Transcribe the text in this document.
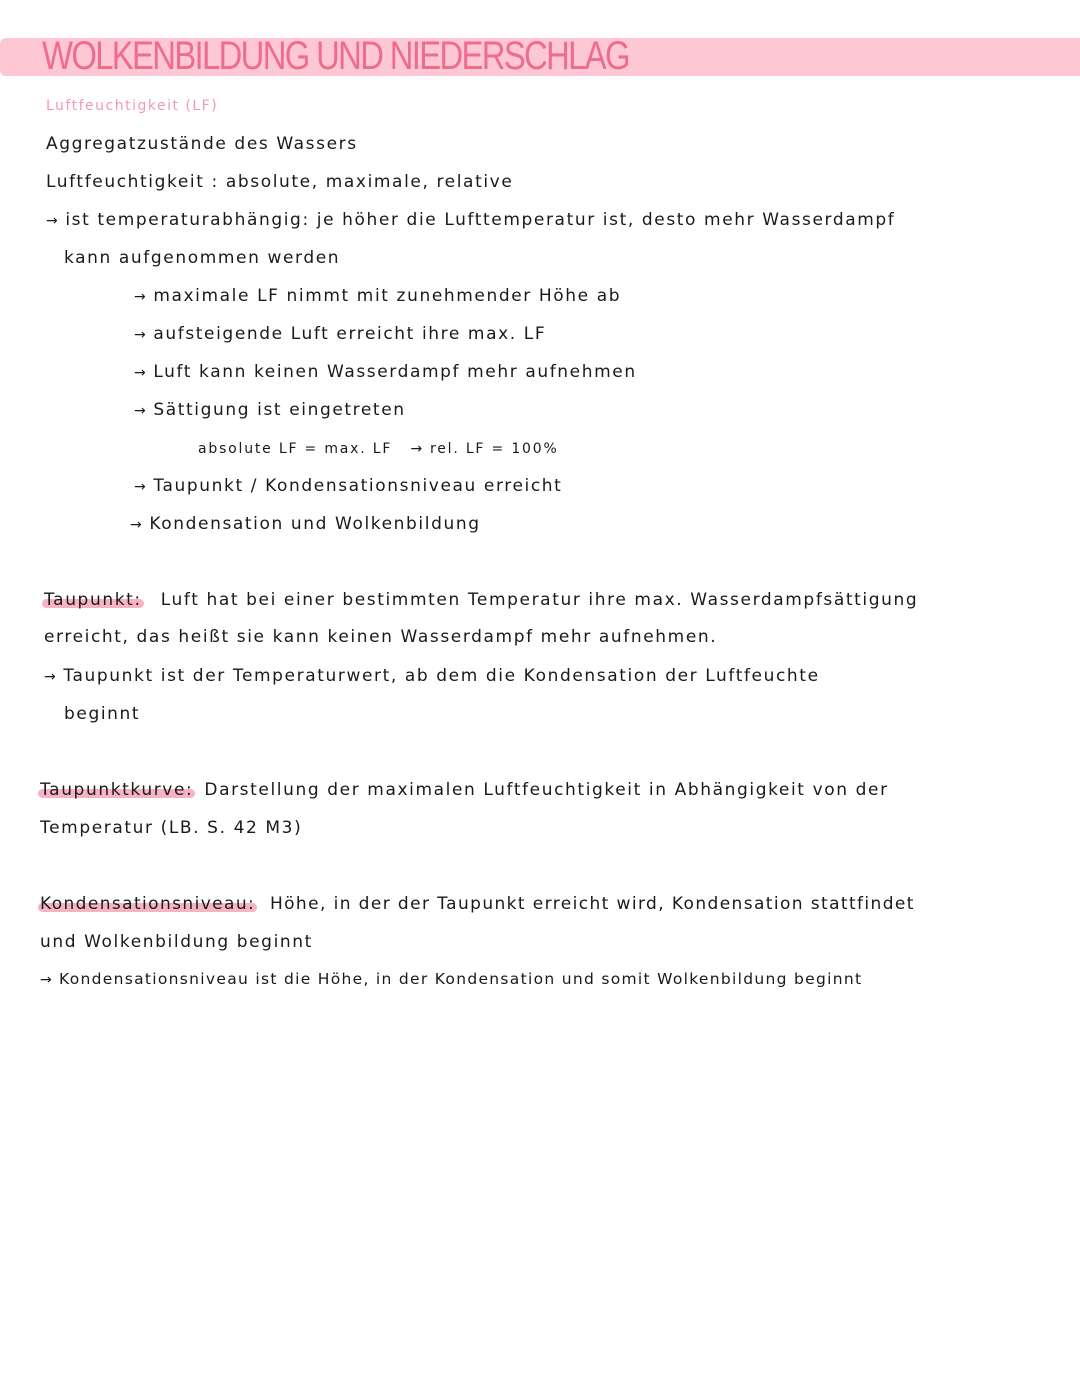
WOLKENBILDUNG UND NIEDERSCHLAG
Luftfeuchtigkeit (LF)
Aggregatzustände des Wassers
Luftfeuchtigkeit : absolute, maximale, relative
→ ist temperaturabhängig: je höher die Lufttemperatur ist, desto mehr Wasserdampf
kann aufgenommen werden
→ maximale LF nimmt mit zunehmender Höhe ab
→ aufsteigende Luft erreicht ihre max. LF
→ Luft kann keinen Wasserdampf mehr aufnehmen
→ Sättigung ist eingetreten
absolute LF = max. LF → rel. LF = 100%
→ Taupunkt / Kondensationsniveau erreicht
→ Kondensation und Wolkenbildung
Taupunkt: Luft hat bei einer bestimmten Temperatur ihre max. Wasserdampfsättigung
erreicht, das heißt sie kann keinen Wasserdampf mehr aufnehmen.
→ Taupunkt ist der Temperaturwert, ab dem die Kondensation der Luftfeuchte
beginnt
Taupunktkurve: Darstellung der maximalen Luftfeuchtigkeit in Abhängigkeit von der
Temperatur (LB. S. 42 M3)
Kondensationsniveau: Höhe, in der der Taupunkt erreicht wird, Kondensation stattfindet
und Wolkenbildung beginnt
→ Kondensationsniveau ist die Höhe, in der Kondensation und somit Wolkenbildung beginnt
